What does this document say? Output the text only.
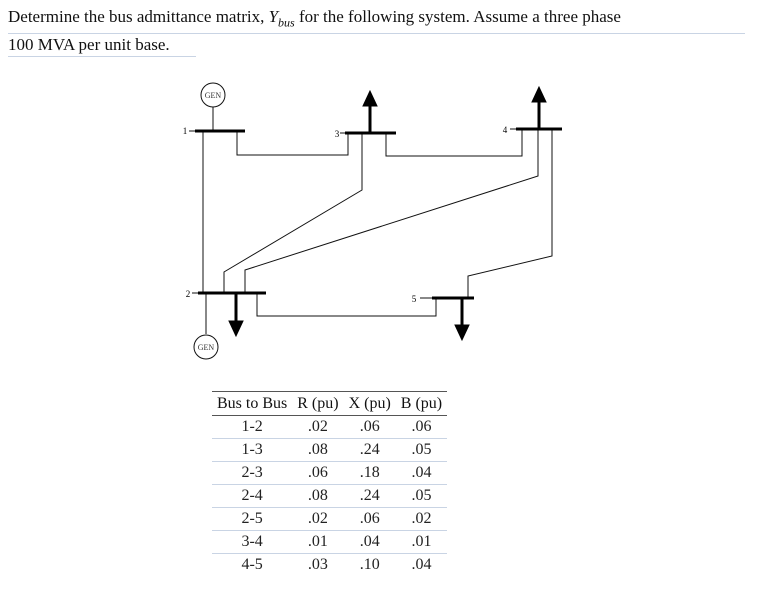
Determine the bus admittance matrix, $Y_{bus}$ for the following system. Assume a three phase
100 MVA per unit base.
GEN
GEN
1
2
3	4
5
Bus to Bus	R (pu)	X (pu)	B (pu)
1-2	.02	.06	.06
1-3	.08	.24	.05
2-3	.06	.18	.04
2-4	.08	.24	.05
2-5	.02	.06	.02
3-4	.01	.04	.01
4-5	.03	.10	.04
